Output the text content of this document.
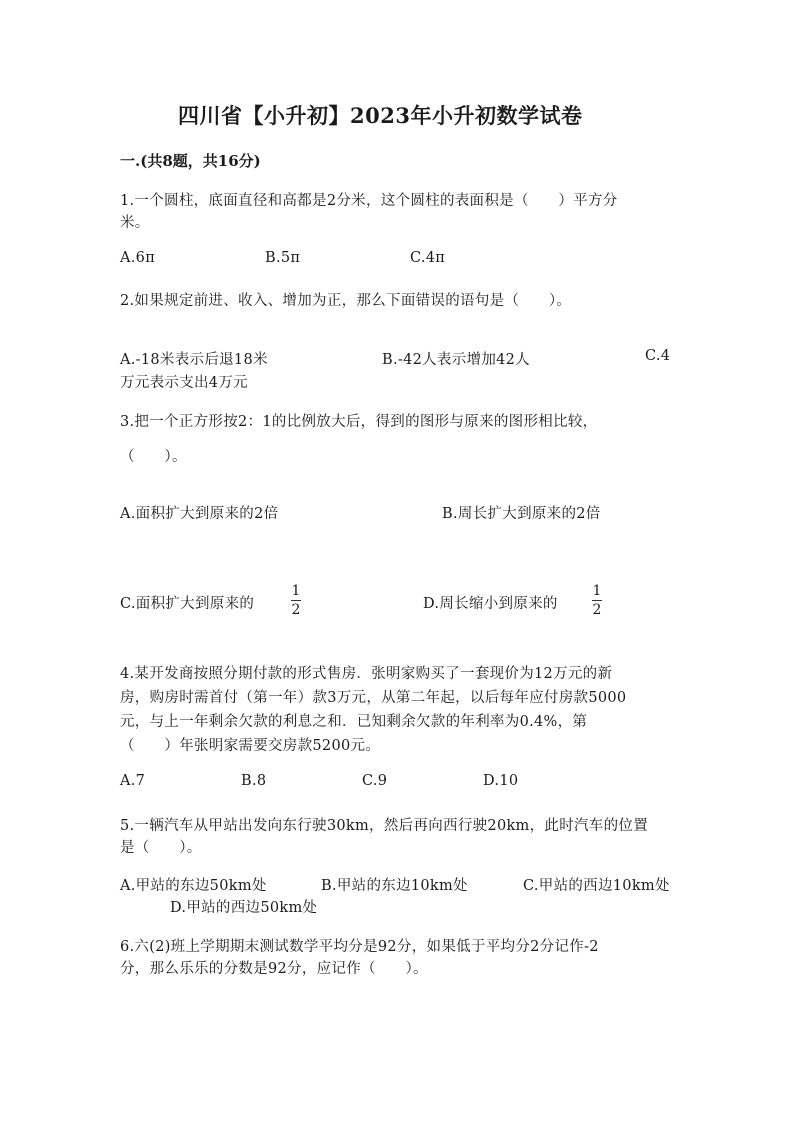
四川省【小升初】2023年小升初数学试卷
一.(共8题，共16分)
1.一个圆柱，底面直径和高都是2分米，这个圆柱的表面积是（　　）平方分
米。
A.6π	B.5π	C.4π
2.如果规定前进、收入、增加为正，那么下面错误的语句是（　　）。
A.-18米表示后退18米	B.-42人表示增加42人	C.4
万元表示支出4万元
3.把一个正方形按2：1的比例放大后，得到的图形与原来的图形相比较，
（　　）。
A.面积扩大到原来的2倍	B.周长扩大到原来的2倍
C.面积扩大到原来的
1
2	D.周长缩小到原来的
1
2
4.某开发商按照分期付款的形式售房．张明家购买了一套现价为12万元的新
房，购房时需首付（第一年）款3万元，从第二年起，以后每年应付房款5000
元，与上一年剩余欠款的利息之和．已知剩余欠款的年利率为0.4%，第
（　　）年张明家需要交房款5200元。
A.7	B.8	C.9	D.10
5.一辆汽车从甲站出发向东行驶30km，然后再向西行驶20km，此时汽车的位置
是（　　）。
A.甲站的东边50km处	B.甲站的东边10km处	C.甲站的西边10km处
D.甲站的西边50km处
6.六(2)班上学期期末测试数学平均分是92分，如果低于平均分2分记作-2
分，那么乐乐的分数是92分，应记作（　　）。
